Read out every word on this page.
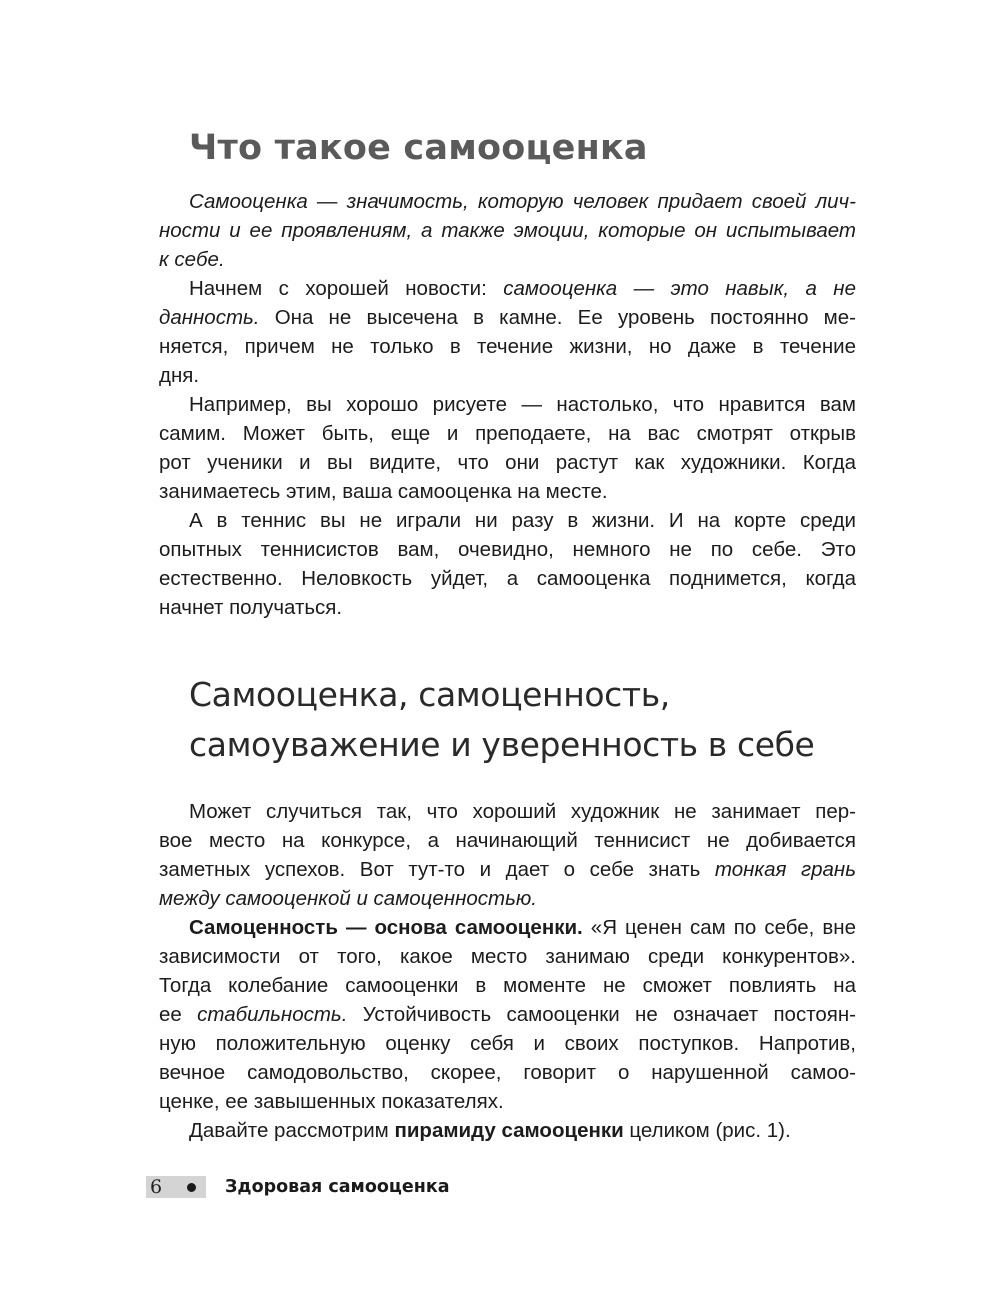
Что такое самооценка
Самооценка — значимость, которую человек придает своей лич-
ности и ее проявлениям, а также эмоции, которые он испытывает
к себе.
Начнем с хорошей новости: самооценка — это навык, а не
данность. Она не высечена в камне. Ее уровень постоянно ме-
няется, причем не только в течение жизни, но даже в течение
дня.
Например, вы хорошо рисуете — настолько, что нравится вам
самим. Может быть, еще и преподаете, на вас смотрят открыв
рот ученики и вы видите, что они растут как художники. Когда
занимаетесь этим, ваша самооценка на месте.
А в теннис вы не играли ни разу в жизни. И на корте среди
опытных теннисистов вам, очевидно, немного не по себе. Это
естественно. Неловкость уйдет, а самооценка поднимется, когда
начнет получаться.
Самооценка, самоценность,
самоуважение и уверенность в себе
Может случиться так, что хороший художник не занимает пер-
вое место на конкурсе, а начинающий теннисист не добивается
заметных успехов. Вот тут-то и дает о себе знать тонкая грань
между самооценкой и самоценностью.
Самоценность — основа самооценки. «Я ценен сам по себе, вне
зависимости от того, какое место занимаю среди конкурентов».
Тогда колебание самооценки в моменте не сможет повлиять на
ее стабильность. Устойчивость самооценки не означает постоян-
ную положительную оценку себя и своих поступков. Напротив,
вечное самодовольство, скорее, говорит о нарушенной самоо-
ценке, ее завышенных показателях.
Давайте рассмотрим пирамиду самооценки целиком (рис. 1).
6	Здоровая самооценка
